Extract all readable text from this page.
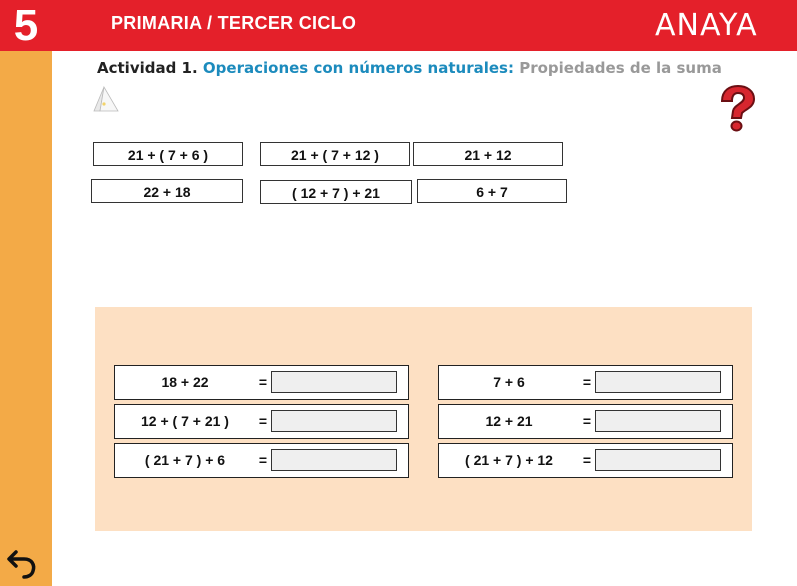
5	PRIMARIA / TERCER CICLO	ANAYA
Actividad 1. Operaciones con números naturales: Propiedades de la suma
21 + ( 7 + 6 )	21 + ( 7 + 12 )	21 + 12
22 + 18	( 12 + 7 ) + 21	6 + 7
18 + 22	=
12 + ( 7 + 21 )	=
( 21 + 7 ) + 6	=
7 + 6	=
12 + 21	=
( 21 + 7 ) + 12	=
